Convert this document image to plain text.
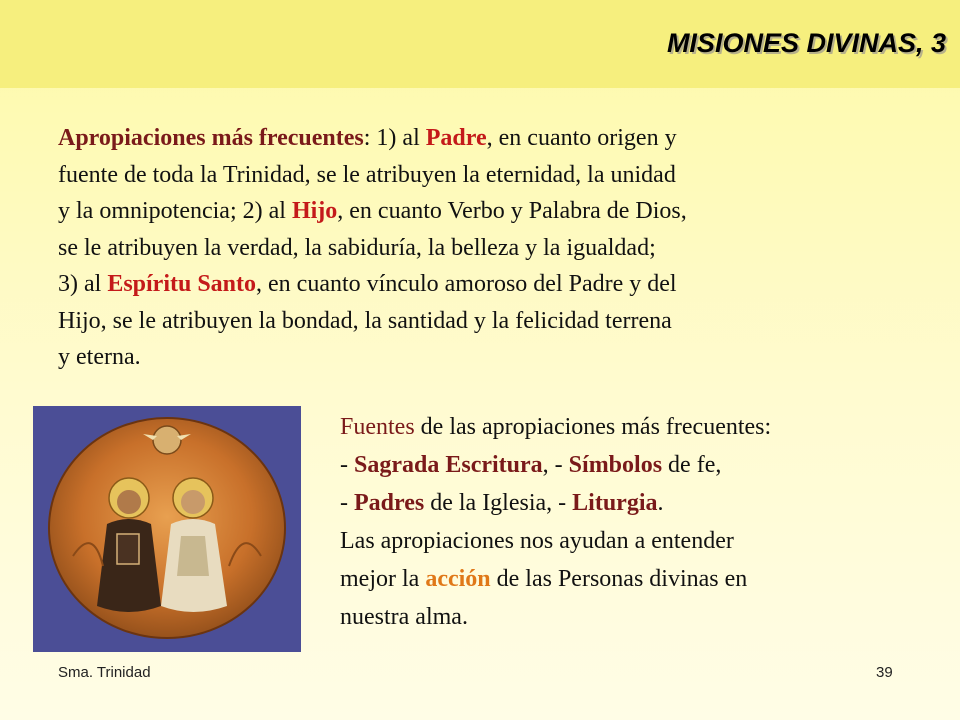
MISIONES DIVINAS, 3

Apropiaciones más frecuentes: 1) al Padre, en cuanto origen y
fuente de toda la Trinidad, se le atribuyen la eternidad, la unidad
y la omnipotencia; 2) al Hijo, en cuanto Verbo y Palabra de Dios,
se le atribuyen la verdad, la sabiduría, la belleza y la igualdad;
3) al Espíritu Santo, en cuanto vínculo amoroso del Padre y del
Hijo, se le atribuyen la bondad, la santidad y la felicidad terrena
y eterna.

Fuentes de las apropiaciones más frecuentes:
- Sagrada Escritura, - Símbolos de fe,
- Padres de la Iglesia, - Liturgia.
Las apropiaciones nos ayudan a entender
mejor la acción de las Personas divinas en
nuestra alma.

Sma. Trinidad	39
